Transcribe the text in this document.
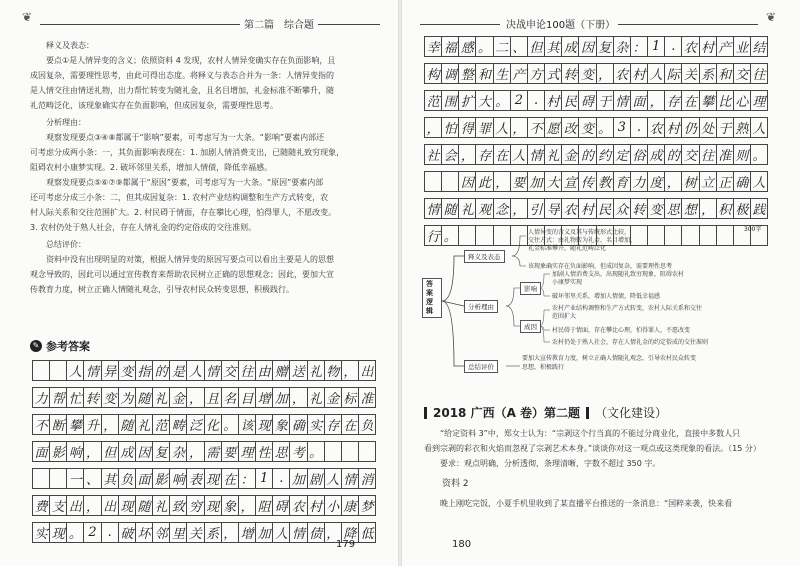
❦
第二篇　综合题
释义及表态：
要点①是人情异变的含义；依照资料 4 发现，农村人情异变确实存在负面影响，且
成因复杂，需要理性思考，由此可得出态度。将释义与表态合并为一条：人情异变指的
是人情交往由情送礼物，出力帮忙转变为随礼金，且名目增加，礼金标准不断攀升，随
礼范畴泛化，该现象确实存在负面影响，但成因复杂，需要理性思考。
分析理由：
观察发现要点③④⑧都属于“影响”要素，可考虑写为一大条。“影响”要素内部还
可考虑分成两小条：一，其负面影响表现在：1. 加剧人情消费支出，已随随礼致穷现象，
阻碍农村小康梦实现。2. 破坏邻里关系，增加人情债，降低幸福感。
观察发现要点⑤⑥⑦⑨都属于“原因”要素，可考虑写为一大条。“原因”要素内部
还可考虑分成三小条：二，但其成因复杂：1. 农村产业结构调整和生产方式转变，农
村人际关系和交往范围扩大。2. 村民碍于情面，存在攀比心理，怕得罪人，不愿改变。
3. 农村仍处于熟人社会，存在人情礼金的约定俗成的交往准则。
总结评价：
资料中没有出现明显的对策，根据人情异变的原因写要点可以看出主要是人的思想
观念导致的，因此可以通过宣传教育来帮助农民树立正确的思想观念；因此，要加大宣
传教育力度，树立正确人情随礼观念，引导农村民众转变思想，积极践行。
✎ 参考答案
人 情 异 变 指 的 是 人 情 交 往 由 赠 送 礼 物 ， 出
力 帮 忙 转 变 为 随 礼 金 ， 且 名 目 增 加 ， 礼 金 标 准
不 断 攀 升 ， 随 礼 范 畴 泛 化 。 该 现 象 确 实 存 在 负
面 影 响 ， 但 成 因 复 杂 ， 需 要 理 性 思 考 。
一 、 其 负 面 影 响 表 现 在 ： 1 . 加 剧 人 情 消
费 支 出 ， 出 现 随 礼 致 穷 现 象 ， 阻 碍 农 村 小 康 梦
实 现 。 2 . 破 坏 邻 里 关 系 ， 增 加 人 情 债 ， 降 低
179
决战申论100题（下册）
❦
幸 福 感 。 二 、 但 其 成 因 复 杂 ： 1 . 农 村 产 业 结
构 调 整 和 生 产 方 式 转 变 ， 农 村 人 际 关 系 和 交 往
范 围 扩 大 。 2 . 村 民 碍 于 情 面 ， 存 在 攀 比 心 理
， 怕 得 罪 人 ， 不 愿 改 变 。 3 . 农 村 仍 处 于 熟 人
社 会 ， 存 在 人 情 礼 金 的 约 定 俗 成 的 交 往 准 则 。
因 此 ， 要 加 大 宣 传 教 育 力 度 ， 树 立 正 确 人
情 随 礼 观 念 ， 引 导 农 村 民 众 转 变 思 想 ， 积 极 践
行 。
300字
答案逻辑
释义及表态
人情异变的含义及其与传统形式比较，
交往方式：由礼物转为礼金，名目增加，
礼金标准攀升，随礼范畴泛化
该现象确实存在负面影响，但成因复杂，需要理性思考
分析理由
影响
加剧人情消费支出，出现随礼致穷现象，阻碍农村
小康梦实现
破坏邻里关系，增加人情债，降低幸福感
成因
农村产业结构调整和生产方式转变，农村人际关系和交往
范围扩大
村民碍于情面，存在攀比心理，怕得罪人，不愿改变
农村仍处于熟人社会，存在人情礼金的约定俗成的交往准则
总结评价
要加大宣传教育力度，树立正确人情随礼观念，引导农村民众转变
思想，积极践行
2018 广西（A 卷）第二题 （文化建设）
“给定资料 3”中，郑女士认为：“宗剥这个行当真的不能过分商业化，直接中多数人只
看到宗剥的彩衣和火焰而忽视了宗剥艺术本身。”谈谈你对这一观点或这类现象的看法。（15 分）
要求：观点明确，分析透彻，条理清晰，字数不超过 350 字。
资料 2
晚上刚吃完饭，小夏手机里收到了某直播平台推送的一条消息：“国粹来袭，快来看
180
